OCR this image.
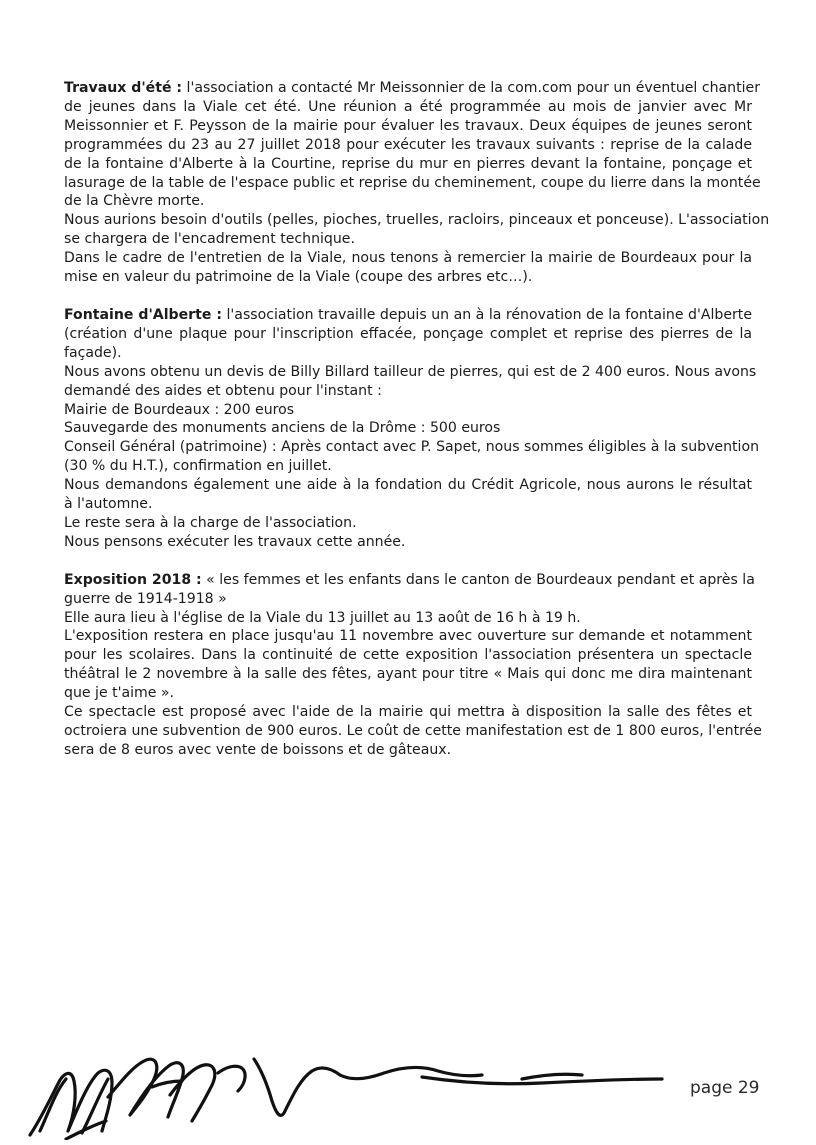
Travaux d'été : l'association a contacté Mr Meissonnier de la com.com pour un éventuel chantier
de jeunes dans la Viale cet été. Une réunion a été programmée au mois de janvier avec Mr
Meissonnier et F. Peysson de la mairie pour évaluer les travaux. Deux équipes de jeunes seront
programmées du 23 au 27 juillet 2018 pour exécuter les travaux suivants : reprise de la calade
de la fontaine d'Alberte à la Courtine, reprise du mur en pierres devant la fontaine, ponçage et
lasurage de la table de l'espace public et reprise du cheminement, coupe du lierre dans la montée
de la Chèvre morte.
Nous aurions besoin d'outils (pelles, pioches, truelles, racloirs, pinceaux et ponceuse). L'association
se chargera de l'encadrement technique.
Dans le cadre de l'entretien de la Viale, nous tenons à remercier la mairie de Bourdeaux pour la
mise en valeur du patrimoine de la Viale (coupe des arbres etc…).
Fontaine d'Alberte : l'association travaille depuis un an à la rénovation de la fontaine d'Alberte
(création d'une plaque pour l'inscription effacée, ponçage complet et reprise des pierres de la
façade).
Nous avons obtenu un devis de Billy Billard tailleur de pierres, qui est de 2 400 euros. Nous avons
demandé des aides et obtenu pour l'instant :
Mairie de Bourdeaux : 200 euros
Sauvegarde des monuments anciens de la Drôme : 500 euros
Conseil Général (patrimoine) : Après contact avec P. Sapet, nous sommes éligibles à la subvention
(30 % du H.T.), confirmation en juillet.
Nous demandons également une aide à la fondation du Crédit Agricole, nous aurons le résultat
à l'automne.
Le reste sera à la charge de l'association.
Nous pensons exécuter les travaux cette année.
Exposition 2018 : « les femmes et les enfants dans le canton de Bourdeaux pendant et après la
guerre de 1914-1918 »
Elle aura lieu à l'église de la Viale du 13 juillet au 13 août de 16 h à 19 h.
L'exposition restera en place jusqu'au 11 novembre avec ouverture sur demande et notamment
pour les scolaires. Dans la continuité de cette exposition l'association présentera un spectacle
théâtral le 2 novembre à la salle des fêtes, ayant pour titre « Mais qui donc me dira maintenant
que je t'aime ».
Ce spectacle est proposé avec l'aide de la mairie qui mettra à disposition la salle des fêtes et
octroiera une subvention de 900 euros. Le coût de cette manifestation est de 1 800 euros, l'entrée
sera de 8 euros avec vente de boissons et de gâteaux.
page 29
